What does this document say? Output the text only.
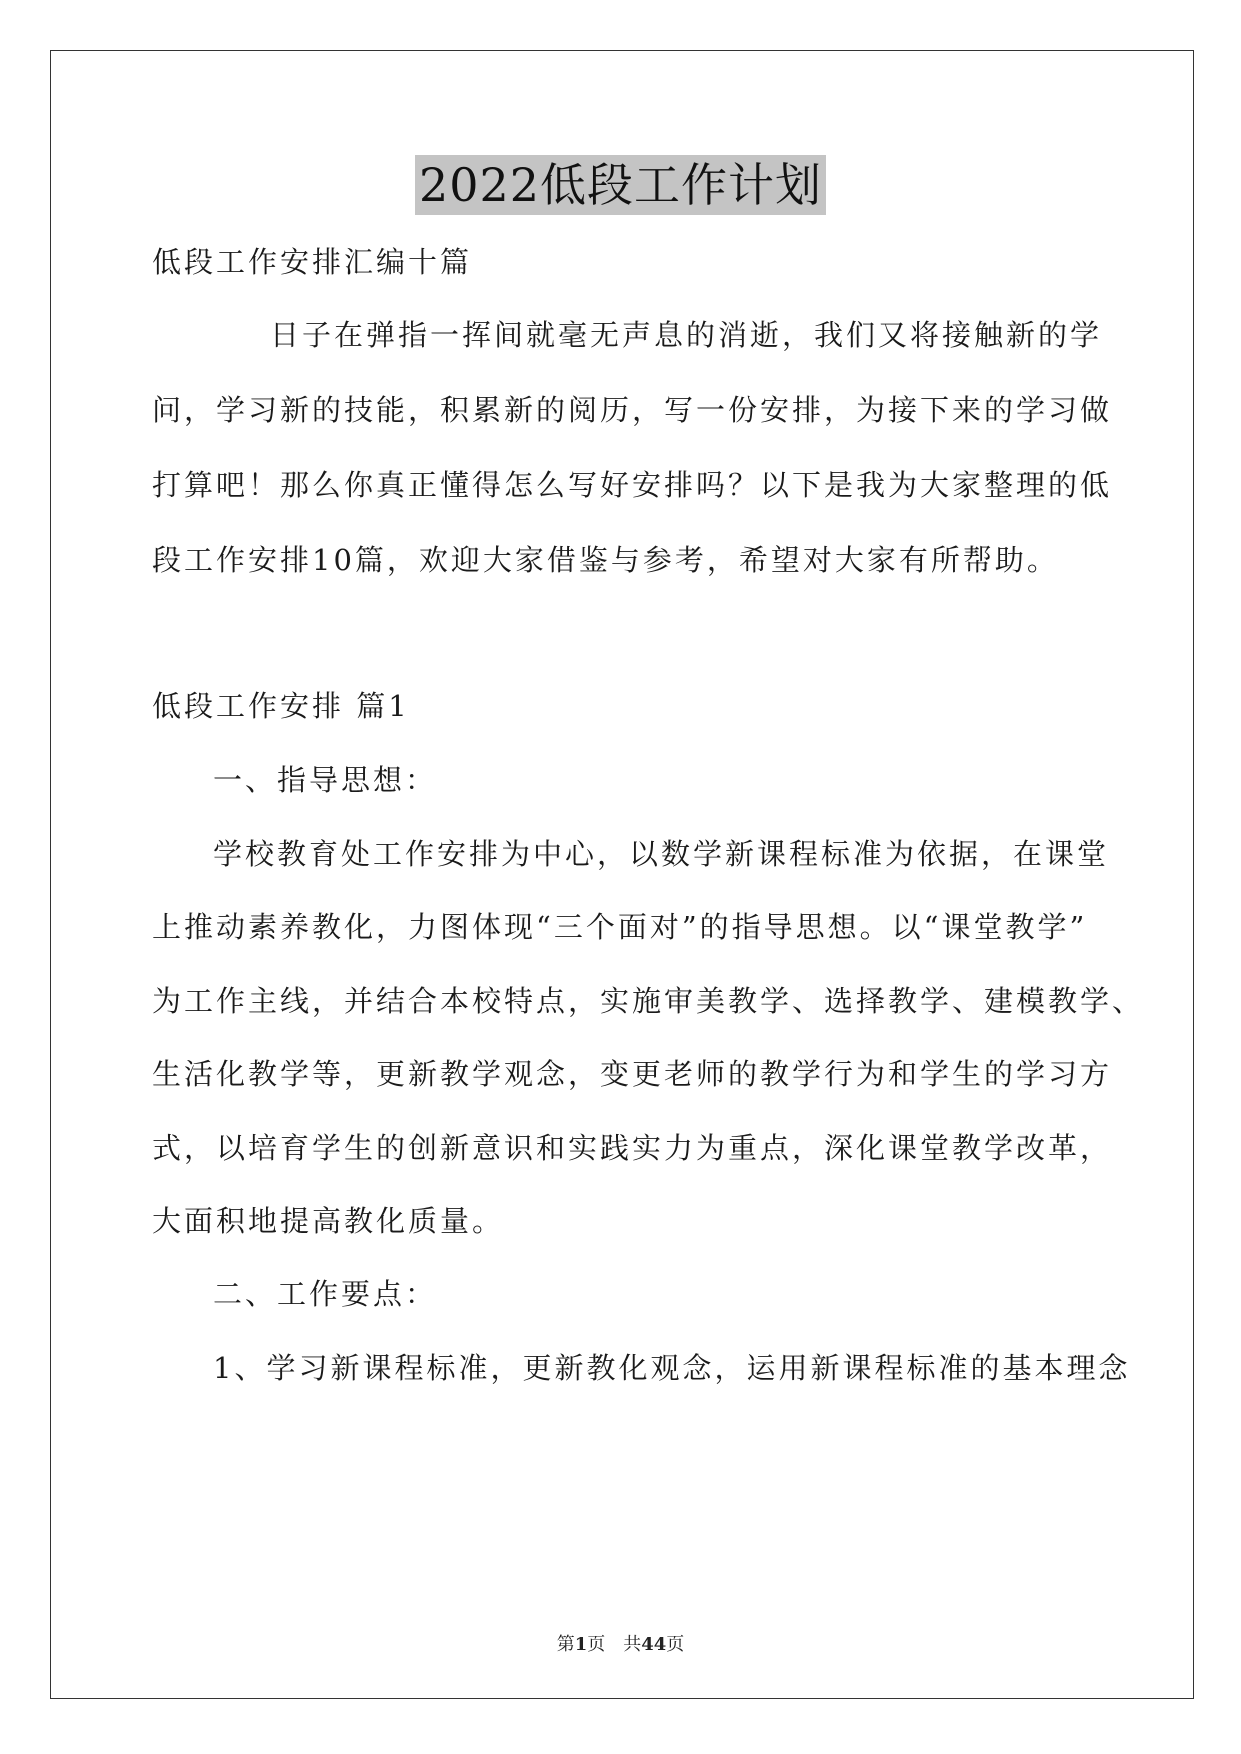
2022低段工作计划
低段工作安排汇编十篇
日子在弹指一挥间就毫无声息的消逝，我们又将接触新的学
问，学习新的技能，积累新的阅历，写一份安排，为接下来的学习做
打算吧！那么你真正懂得怎么写好安排吗？以下是我为大家整理的低
段工作安排10篇，欢迎大家借鉴与参考，希望对大家有所帮助。
低段工作安排 篇1
一、指导思想：
学校教育处工作安排为中心，以数学新课程标准为依据，在课堂
上推动素养教化，力图体现“三个面对”的指导思想。以“课堂教学”
为工作主线，并结合本校特点，实施审美教学、选择教学、建模教学、
生活化教学等，更新教学观念，变更老师的教学行为和学生的学习方
式，以培育学生的创新意识和实践实力为重点，深化课堂教学改革，
大面积地提高教化质量。
二、工作要点：
1、学习新课程标准，更新教化观念，运用新课程标准的基本理念
第1页　共44页
